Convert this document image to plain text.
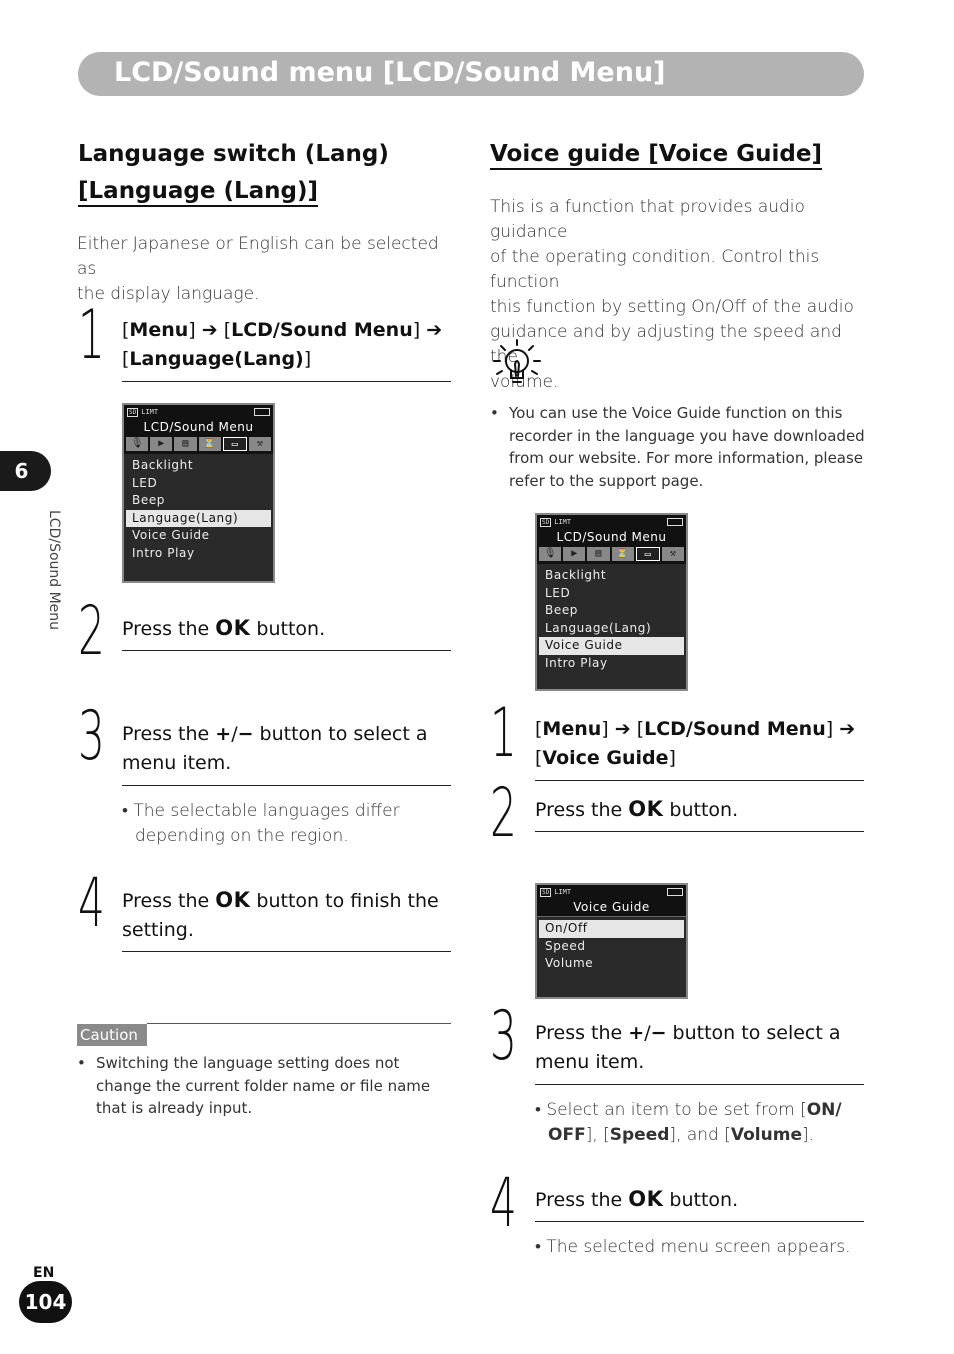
LCD/Sound menu [LCD/Sound Menu]
6
LCD/Sound Menu
Language switch (Lang)
[Language (Lang)]
Either Japanese or English can be selected as
the display language.
1 [Menu] ➔ [LCD/Sound Menu] ➔
[Language(Lang)]
SD LIMT
LCD/Sound Menu
🎙	▶	▤	⏳	▭	⚒
Backlight
LED
Beep
Language(Lang)
Voice Guide
Intro Play
2 Press the OK button.
3 Press the +/− button to select a
menu item.
• The selectable languages differ
depending on the region.
4 Press the OK button to finish the
setting.
Caution
• Switching the language setting does not
change the current folder name or file name
that is already input.
Voice guide [Voice Guide]
This is a function that provides audio guidance
of the operating condition. Control this function
this function by setting On/Off of the audio
guidance and by adjusting the speed and the
volume.
• You can use the Voice Guide function on this
recorder in the language you have downloaded
from our website. For more information, please
refer to the support page.
SD LIMT
LCD/Sound Menu
🎙	▶	▤	⏳	▭	⚒
Backlight
LED
Beep
Language(Lang)
Voice Guide
Intro Play
1 [Menu] ➔ [LCD/Sound Menu] ➔
[Voice Guide]
2 Press the OK button.
SD LIMT
Voice Guide
On/Off
Speed
Volume
3 Press the +/− button to select a
menu item.
• Select an item to be set from [ON/
OFF], [Speed], and [Volume].
4 Press the OK button.
• The selected menu screen appears.
EN
104
